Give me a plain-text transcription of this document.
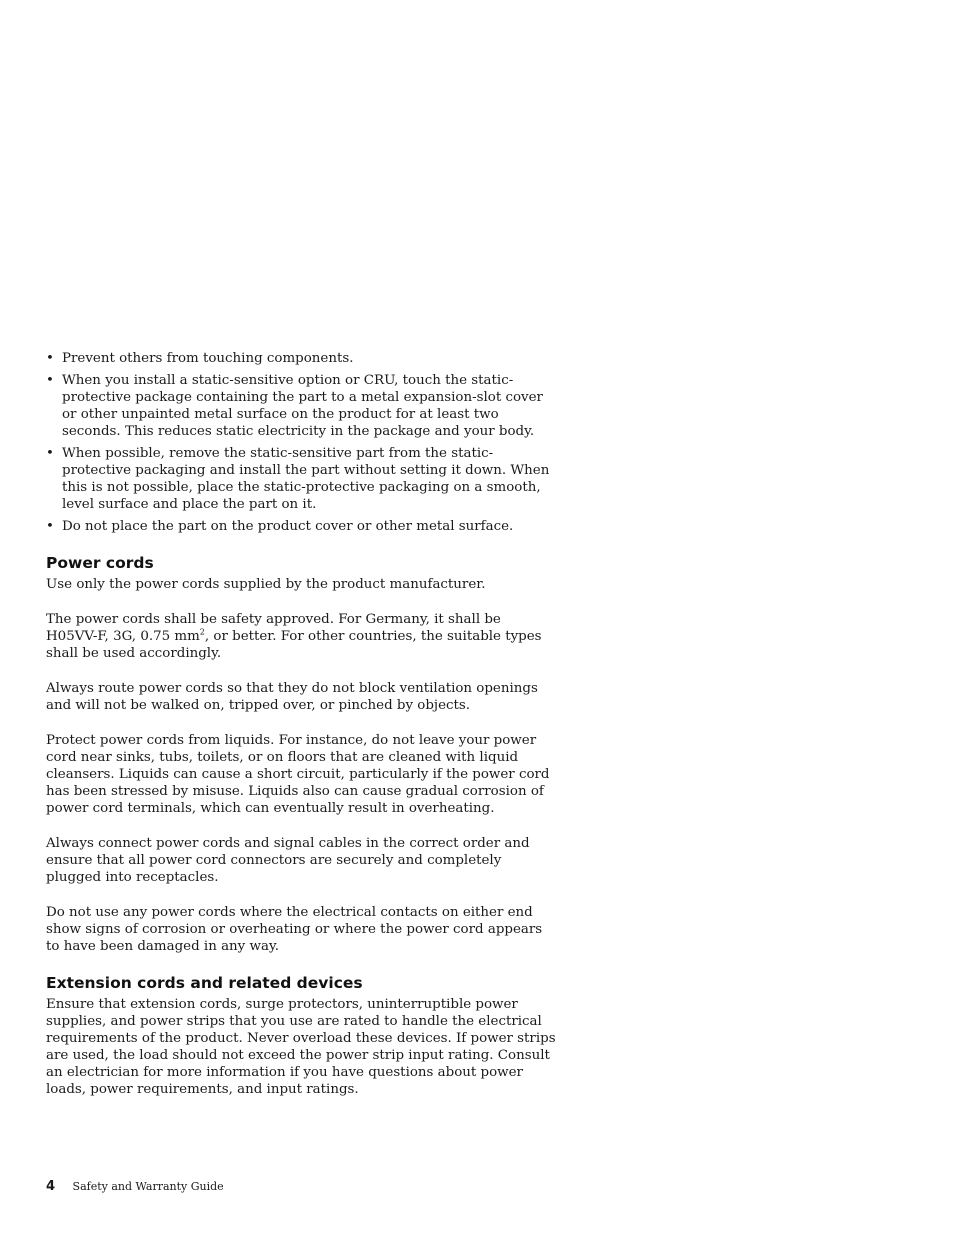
• Prevent others from touching components.
• When you install a static-sensitive option or CRU, touch the static-protective package containing the part to a metal expansion-slot cover or other unpainted metal surface on the product for at least two seconds. This reduces static electricity in the package and your body.
• When possible, remove the static-sensitive part from the static-protective packaging and install the part without setting it down. When this is not possible, place the static-protective packaging on a smooth, level surface and place the part on it.
• Do not place the part on the product cover or other metal surface.
Power cords

Use only the power cords supplied by the product manufacturer.

The power cords shall be safety approved. For Germany, it shall be H05VV-F, 3G, 0.75 $mm^2$, or better. For other countries, the suitable types shall be used accordingly.

Always route power cords so that they do not block ventilation openings and will not be walked on, tripped over, or pinched by objects.

Protect power cords from liquids. For instance, do not leave your power cord near sinks, tubs, toilets, or on floors that are cleaned with liquid cleansers. Liquids can cause a short circuit, particularly if the power cord has been stressed by misuse. Liquids also can cause gradual corrosion of power cord terminals, which can eventually result in overheating.

Always connect power cords and signal cables in the correct order and ensure that all power cord connectors are securely and completely plugged into receptacles.

Do not use any power cords where the electrical contacts on either end show signs of corrosion or overheating or where the power cord appears to have been damaged in any way.

Extension cords and related devices

Ensure that extension cords, surge protectors, uninterruptible power supplies, and power strips that you use are rated to handle the electrical requirements of the product. Never overload these devices. If power strips are used, the load should not exceed the power strip input rating. Consult an electrician for more information if you have questions about power loads, power requirements, and input ratings.

4 Safety and Warranty Guide
